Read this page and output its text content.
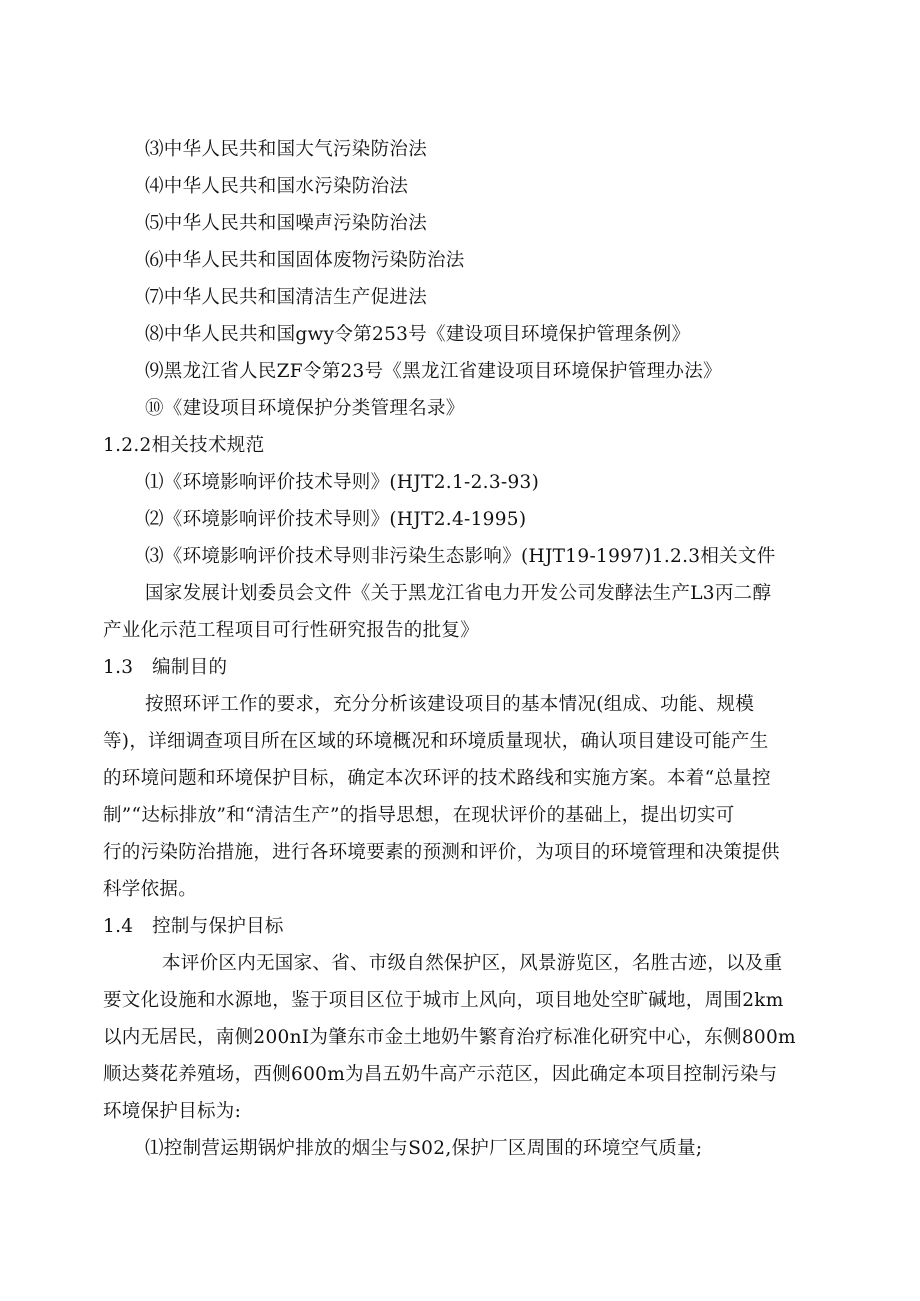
⑶中华人民共和国大气污染防治法
⑷中华人民共和国水污染防治法
⑸中华人民共和国噪声污染防治法
⑹中华人民共和国固体废物污染防治法
⑺中华人民共和国清洁生产促进法
⑻中华人民共和国gwy令第253号《建设项目环境保护管理条例》
⑼黑龙江省人民ZF令第23号《黑龙江省建设项目环境保护管理办法》
⑩《建设项目环境保护分类管理名录》
1.2.2相关技术规范
⑴《环境影响评价技术导则》(HJT2.1-2.3-93)
⑵《环境影响评价技术导则》(HJT2.4-1995)
⑶《环境影响评价技术导则非污染生态影响》(HJT19-1997)1.2.3相关文件
国家发展计划委员会文件《关于黑龙江省电力开发公司发酵法生产L3丙二醇
产业化示范工程项目可行性研究报告的批复》
1.3　编制目的
按照环评工作的要求，充分分析该建设项目的基本情况(组成、功能、规模
等)，详细调查项目所在区域的环境概况和环境质量现状，确认项目建设可能产生
的环境问题和环境保护目标，确定本次环评的技术路线和实施方案。本着“总量控
制”“达标排放”和“清洁生产”的指导思想，在现状评价的基础上，提出切实可
行的污染防治措施，进行各环境要素的预测和评价，为项目的环境管理和决策提供
科学依据。
1.4　控制与保护目标
本评价区内无国家、省、市级自然保护区，风景游览区，名胜古迹，以及重
要文化设施和水源地，鉴于项目区位于城市上风向，项目地处空旷碱地，周围2km
以内无居民，南侧200nI为肇东市金土地奶牛繁育治疗标准化研究中心，东侧800m
顺达葵花养殖场，西侧600m为昌五奶牛高产示范区，因此确定本项目控制污染与
环境保护目标为:
⑴控制营运期锅炉排放的烟尘与S02,保护厂区周围的环境空气质量;
